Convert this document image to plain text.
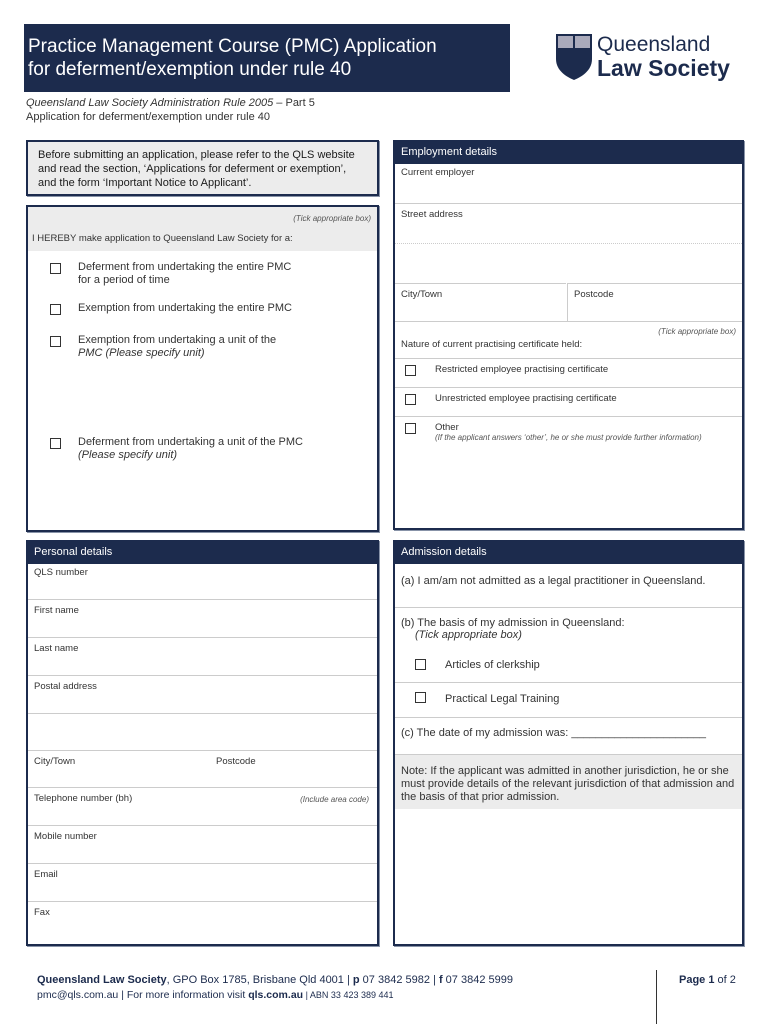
Practice Management Course (PMC) Application
for deferment/exemption under rule 40
Queensland
Law Society
Queensland Law Society Administration Rule 2005 – Part 5
Application for deferment/exemption under rule 40
Before submitting an application, please refer to the QLS website and read the section, ‘Applications for deferment or exemption’, and the form ‘Important Notice to Applicant’.
(Tick appropriate box)
I HEREBY make application to Queensland Law Society for a:
Deferment from undertaking the entire PMC
for a period of time
Exemption from undertaking the entire PMC
Exemption from undertaking a unit of the
PMC (Please specify unit)
Deferment from undertaking a unit of the PMC
(Please specify unit)
Employment details
Current employer
Street address
City/Town	Postcode
(Tick appropriate box)
Nature of current practising certificate held:
Restricted employee practising certificate
Unrestricted employee practising certificate
Other
(If the applicant answers ‘other’, he or she must provide further information)
Personal details
QLS number
First name
Last name
Postal address
City/Town	Postcode
Telephone number (bh)	(Include area code)
Mobile number
Email
Fax
Admission details
(a) I am/am not admitted as a legal practitioner in Queensland.
(b) The basis of my admission in Queensland:
(Tick appropriate box)
Articles of clerkship
Practical Legal Training
(c) The date of my admission was: ______________________
Note: If the applicant was admitted in another jurisdiction, he or she must provide details of the relevant jurisdiction of that admission and the basis of that prior admission.
Queensland Law Society, GPO Box 1785, Brisbane Qld 4001 | p 07 3842 5982 | f 07 3842 5999
pmc@qls.com.au | For more information visit qls.com.au | ABN 33 423 389 441
Page 1 of 2
